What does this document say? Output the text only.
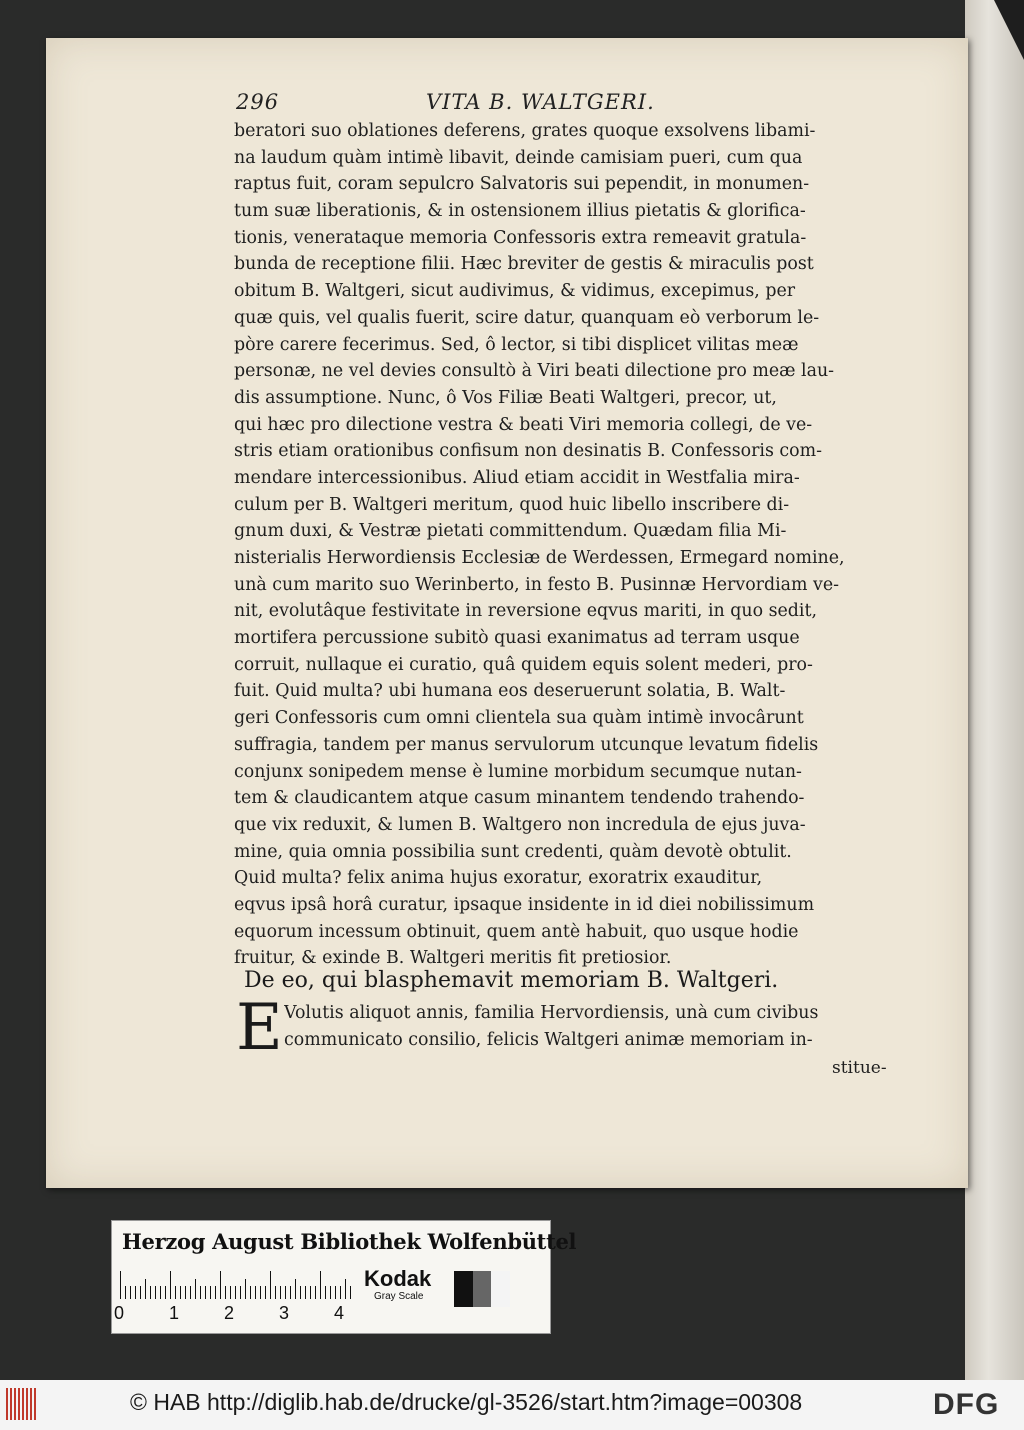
296	VITA B. WALTGERI.
beratori suo oblationes deferens, grates quoque exsolvens libami-
na laudum quàm intimè libavit, deinde camisiam pueri, cum qua
raptus fuit, coram sepulcro Salvatoris sui pependit, in monumen-
tum suæ liberationis, & in ostensionem illius pietatis & glorifica-
tionis, venerataque memoria Confessoris extra remeavit gratula-
bunda de receptione filii. Hæc breviter de gestis & miraculis post
obitum B. Waltgeri, sicut audivimus, & vidimus, excepimus, per
quæ quis, vel qualis fuerit, scire datur, quanquam eò verborum le-
pòre carere fecerimus. Sed, ô lector, si tibi displicet vilitas meæ
personæ, ne vel devies consultò à Viri beati dilectione pro meæ lau-
dis assumptione. Nunc, ô Vos Filiæ Beati Waltgeri, precor, ut,
qui hæc pro dilectione vestra & beati Viri memoria collegi, de ve-
stris etiam orationibus confisum non desinatis B. Confessoris com-
mendare intercessionibus. Aliud etiam accidit in Westfalia mira-
culum per B. Waltgeri meritum, quod huic libello inscribere di-
gnum duxi, & Vestræ pietati committendum. Quædam filia Mi-
nisterialis Herwordiensis Ecclesiæ de Werdessen, Ermegard nomine,
unà cum marito suo Werinberto, in festo B. Pusinnæ Hervordiam ve-
nit, evolutâque festivitate in reversione eqvus mariti, in quo sedit,
mortifera percussione subitò quasi exanimatus ad terram usque
corruit, nullaque ei curatio, quâ quidem equis solent mederi, pro-
fuit. Quid multa? ubi humana eos deseruerunt solatia, B. Walt-
geri Confessoris cum omni clientela sua quàm intimè invocârunt
suffragia, tandem per manus servulorum utcunque levatum fidelis
conjunx sonipedem mense è lumine morbidum secumque nutan-
tem & claudicantem atque casum minantem tendendo trahendo-
que vix reduxit, & lumen B. Waltgero non incredula de ejus juva-
mine, quia omnia possibilia sunt credenti, quàm devotè obtulit.
Quid multa? felix anima hujus exoratur, exoratrix exauditur,
eqvus ipsâ horâ curatur, ipsaque insidente in id diei nobilissimum
equorum incessum obtinuit, quem antè habuit, quo usque hodie
fruitur, & exinde B. Waltgeri meritis fit pretiosior.
De eo, qui blasphemavit memoriam B. Waltgeri.
E Volutis aliquot annis, familia Hervordiensis, unà cum civibus
communicato consilio, felicis Waltgeri animæ memoriam in-
stitue-
Herzog August Bibliothek Wolfenbüttel
0 1 2 3 4
Kodak
Gray Scale
© HAB http://diglib.hab.de/drucke/gl-3526/start.htm?image=00308	DFG
